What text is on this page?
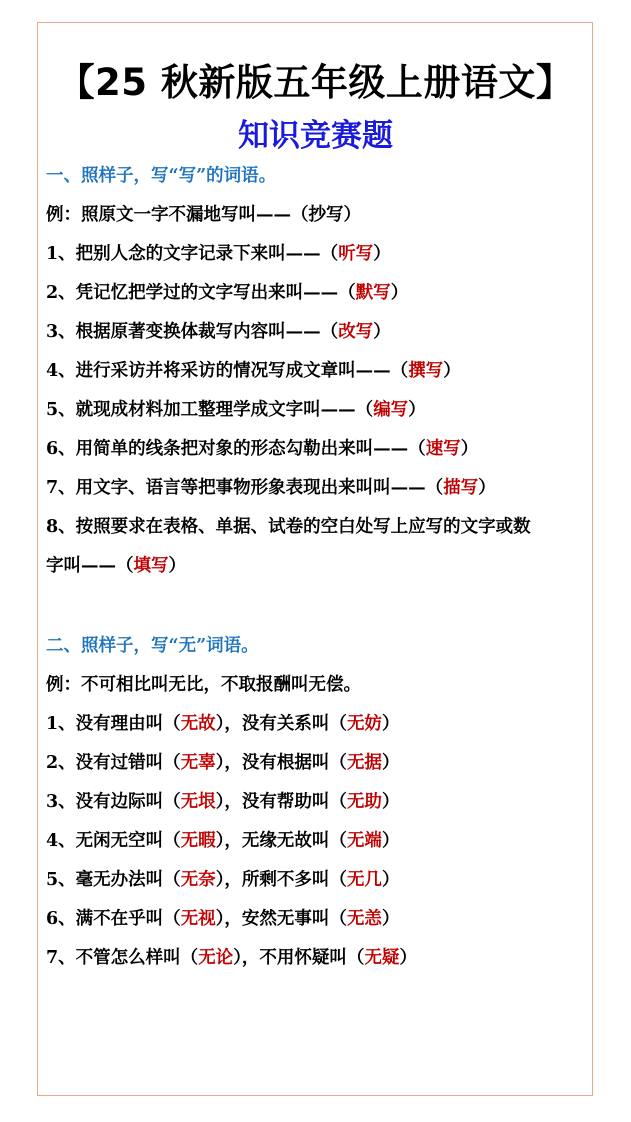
【25 秋新版五年级上册语文】
知识竞赛题
一、照样子，写“写”的词语。
例：照原文一字不漏地写叫——（抄写）
1、把别人念的文字记录下来叫——（听写）
2、凭记忆把学过的文字写出来叫——（默写）
3、根据原著变换体裁写内容叫——（改写）
4、进行采访并将采访的情况写成文章叫——（撰写）
5、就现成材料加工整理学成文字叫——（编写）
6、用简单的线条把对象的形态勾勒出来叫——（速写）
7、用文字、语言等把事物形象表现出来叫叫——（描写）
8、按照要求在表格、单据、试卷的空白处写上应写的文字或数
字叫——（填写）
二、照样子，写“无”词语。
例：不可相比叫无比，不取报酬叫无偿。
1、没有理由叫（无故），没有关系叫（无妨）
2、没有过错叫（无辜），没有根据叫（无据）
3、没有边际叫（无垠），没有帮助叫（无助）
4、无闲无空叫（无暇），无缘无故叫（无端）
5、毫无办法叫（无奈），所剩不多叫（无几）
6、满不在乎叫（无视），安然无事叫（无恙）
7、不管怎么样叫（无论），不用怀疑叫（无疑）
